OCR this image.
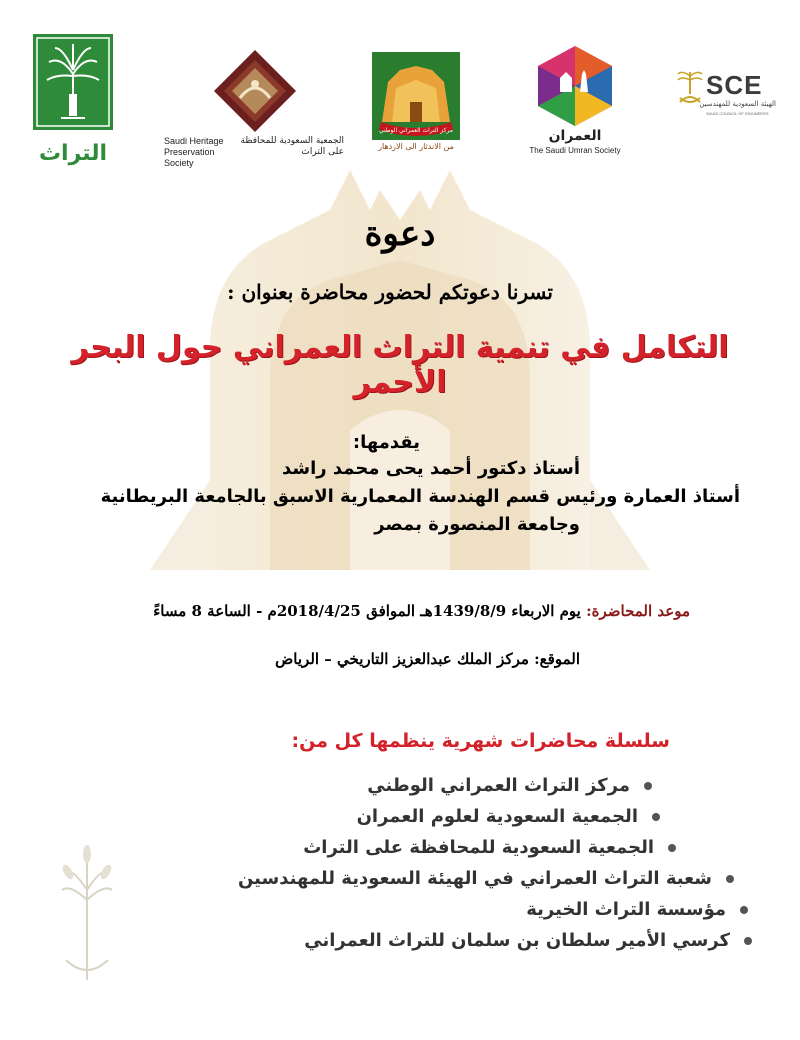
التراث	Saudi Heritage Preservation Society
الجمعية السعودية للمحافظة على التراث
مركز التراث العمراني الوطني
من الاندثار الى الازدهار
العمران
The Saudi Umran Society
SCE
الهيئة السعودية للمهندسين
SAUDI COUNCIL OF ENGINEERS
دعوة
تسرنا دعوتكم لحضور محاضرة بعنوان :
التكامل في تنمية التراث العمراني حول البحر الأحمر
يقدمها:
أستاذ دكتور أحمد يحى محمد راشد
أستاذ العمارة ورئيس قسم الهندسة المعمارية الاسبق بالجامعة البريطانية
وجامعة المنصورة بمصر
موعد المحاضرة: يوم الاربعاء 1439/8/9هـ الموافق 2018/4/25م - الساعة 8 مساءً
الموقع: مركز الملك عبدالعزيز التاريخي – الرياض
سلسلة محاضرات شهرية ينظمها كل من:
مركز التراث العمراني الوطني
الجمعية السعودية لعلوم العمران
الجمعية السعودية للمحافظة على التراث
شعبة التراث العمراني في الهيئة السعودية للمهندسين
مؤسسة التراث الخيرية
كرسي الأمير سلطان بن سلمان للتراث العمراني
